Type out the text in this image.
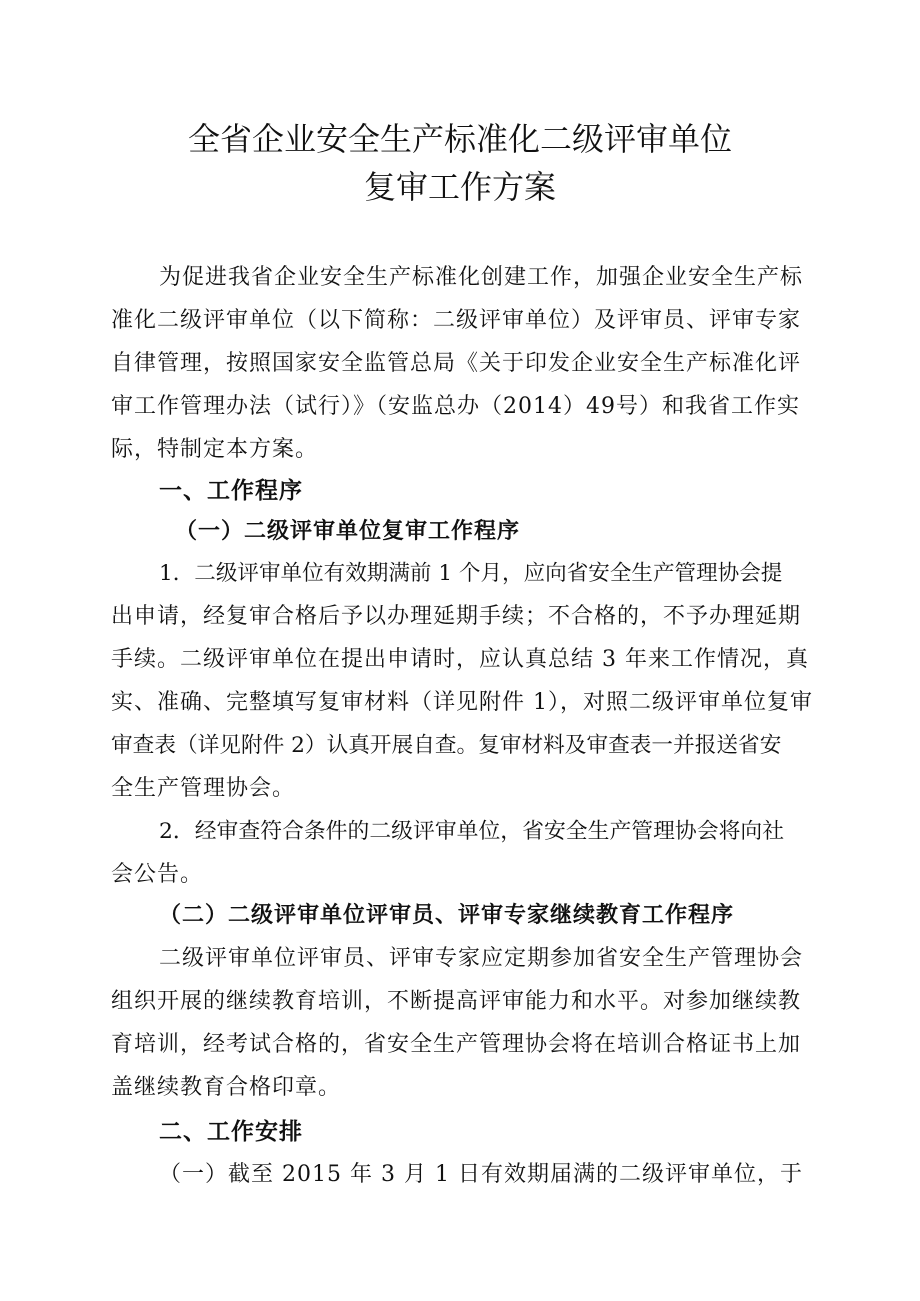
全省企业安全生产标准化二级评审单位
复审工作方案
为促进我省企业安全生产标准化创建工作，加强企业安全生产标
准化二级评审单位（以下简称：二级评审单位）及评审员、评审专家
自律管理，按照国家安全监管总局《关于印发企业安全生产标准化评
审工作管理办法（试行）》（安监总办（2014）49号）和我省工作实
际，特制定本方案。
一、工作程序
（一）二级评审单位复审工作程序
1．二级评审单位有效期满前 1 个月，应向省安全生产管理协会提
出申请，经复审合格后予以办理延期手续；不合格的，不予办理延期
手续。二级评审单位在提出申请时，应认真总结 3 年来工作情况，真
实、准确、完整填写复审材料（详见附件 1），对照二级评审单位复审
审查表（详见附件 2）认真开展自查。复审材料及审查表一并报送省安
全生产管理协会。
2．经审查符合条件的二级评审单位，省安全生产管理协会将向社
会公告。
（二）二级评审单位评审员、评审专家继续教育工作程序
二级评审单位评审员、评审专家应定期参加省安全生产管理协会
组织开展的继续教育培训，不断提高评审能力和水平。对参加继续教
育培训，经考试合格的，省安全生产管理协会将在培训合格证书上加
盖继续教育合格印章。
二、工作安排
（一）截至 2015 年 3 月 1 日有效期届满的二级评审单位，于
